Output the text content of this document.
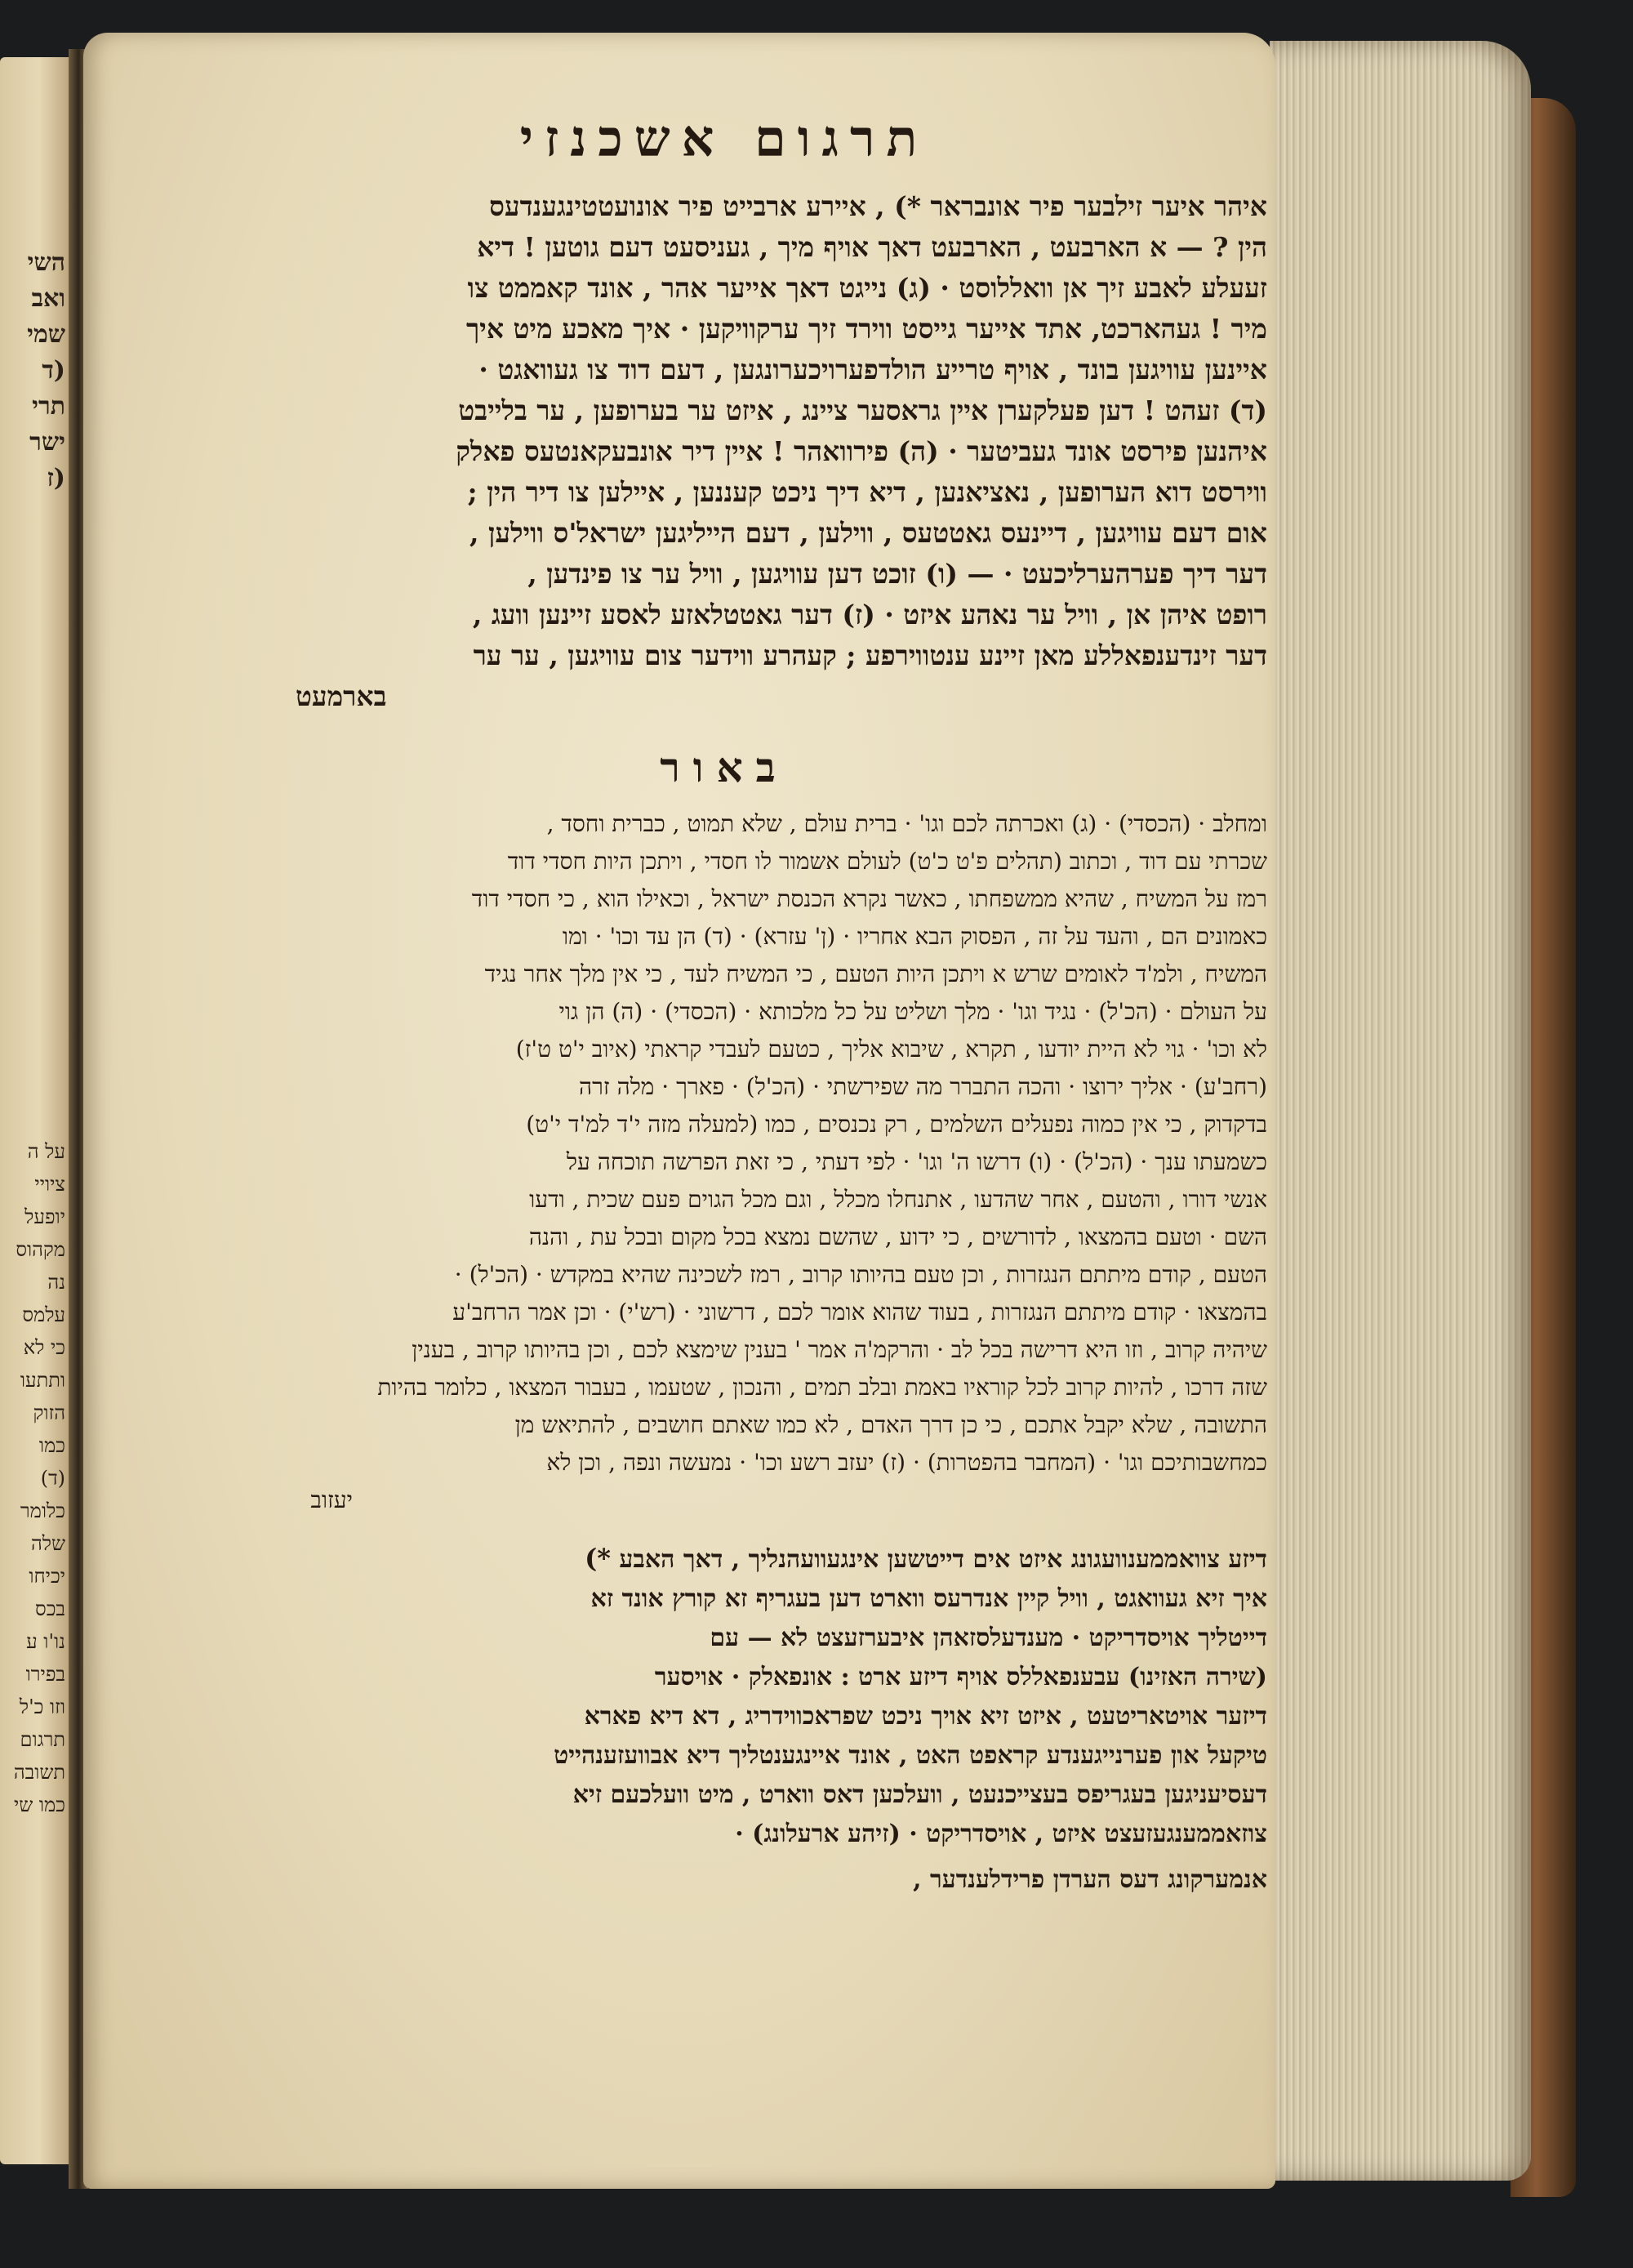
השי
ואב
שמי
(ד
תרי
ישר
(ז
על ה
ציויי
יופעל
מקהוס
נה
עלמס
כי לא
ותתעו
הזוק
כמו
(ד)
כלומר
שלה
יכיחו
בכס
נו'ו ע
בפירו
וזו כ'ל
תרגום
תשובה
כמו שי
תרגום אשכנזי
איהר איער זילבער פיר אונבראר *) , איירע ארבייט פיר אונועטטינגענדעס
הין ? — א הארבעט , הארבעט דאך אויף מיך , געניסעט דעם גוטען ! דיא
זעעלע לאבע זיך אן וואללוסט · (ג) נייגט דאך אייער אהר , אונד קאממט צו
מיר ! געהארכט, אתד אייער גייסט ווירד זיך ערקוויקען · איך מאכע מיט איך
איינען עוויגען בונד , אויף טרייע הולדפערויכערונגען , דעם דוד צו געוואגט ·
(ד) זעהט ! דען פעלקערן איין גראסער ציינג , איזט ער בערופען , ער בלייבט
איהנען פירסט אונד געביטער · (ה) פירוואהר ! איין דיר אונבעקאנטעס פאלק
ווירסט דוא הערופען , נאציאנען , דיא דיך ניכט קעננען , איילען צו דיר הין ;
אום דעם עוויגען , דיינעס גאטטעס , ווילען , דעם הייליגען ישראל'ס ווילען ,
דער דיך פערהערליכעט · — (ו) זוכט דען עוויגען , וויל ער צו פינדען ,
רופט איהן אן , וויל ער נאהע איזט · (ז) דער גאטטלאזע לאסע זיינען וועג ,
דער זינדענפאללע מאן זיינע ענטווירפע ; קעהרע ווידער צום עוויגען , ער ער
בארמעט
באור
ומחלב · (הכסדי) · (ג) ואכרתה לכם וגו' · ברית עולם , שלא תמוט , כברית וחסד ,
שכרתי עם דוד , וכתוב (תהלים פ'ט כ'ט) לעולם אשמור לו חסדי , ויתכן היות חסדי דוד
רמז על המשיח , שהיא ממשפחתו , כאשר נקרא הכנסת ישראל , וכאילו הוא , כי חסדי דוד
כאמונים הם , והעד על זה , הפסוק הבא אחריו · (ן' עזרא) · (ד) הן עד וכו' · ומו
המשיח , ולמ'ד לאומים שרש א ויתכן היות הטעם , כי המשיח לעד , כי אין מלך אחר נגיד
על העולם · (הכ'ל) · נגיד וגו' · מלך ושליט על כל מלכותא · (הכסדי) · (ה) הן גוי
לא וכו' · גוי לא היית יודעו , תקרא , שיבוא אליך , כטעם לעבדי קראתי (איוב י'ט ט'ז)
(רחב'ע) · אליך ירוצו · והכה התברר מה שפירשתי · (הכ'ל) · פארך · מלה זרה
בדקדוק , כי אין כמוה נפעלים השלמים , רק נכנסים , כמו (למעלה מזה י'ד למ'ד י'ט)
כשמעתו ענך · (הכ'ל) · (ו) דרשו ה' וגו' · לפי דעתי , כי זאת הפרשה תוכחה על
אנשי דורו , והטעם , אחר שהדעו , אתנחלו מכלל , וגם מכל הגוים פעם שכית , ודעו
השם · וטעם בהמצאו , לדורשים , כי ידוע , שהשם נמצא בכל מקום ובכל עת , והנה
הטעם , קודם מיתתם הנגזרות , וכן טעם בהיותו קרוב , רמז לשכינה שהיא במקדש · (הכ'ל) ·
בהמצאו · קודם מיתתם הנגזרות , בעוד שהוא אומר לכם , דרשוני · (רש'י) · וכן אמר הרחב'ע
שיהיה קרוב , וזו היא דרישה בכל לב · והרקמ'ה אמר ' בענין שימצא לכם , וכן בהיותו קרוב , בענין
שזה דרכו , להיות קרוב לכל קוראיו באמת ובלב תמים , והנכון , שטעמו , בעבור המצאו , כלומר בהיות
התשובה , שלא יקבל אתכם , כי כן דרך האדם , לא כמו שאתם חושבים , להתיאש מן
כמחשבותיכם וגו' · (המחבר בהפטרות) · (ז) יעזב רשע וכו' · נמעשה ונפה , וכן לא
יעזוב
דיזע צוואממענוועגונג איזט אים דייטשען אינגעוועהנליך , דאך האבע *)
איך זיא געוואגט , וויל קיין אנדרעס ווארט דען בעגריף זא קורץ אונד זא
דייטליך אויסדריקט · מענדעלסזאהן איבערזעצט לא — עם
(שירה האזינו) עבענפאללס אויף דיזע ארט : אונפאלק · אויסער
דיזער אויטאריטעט , איזט זיא אויך ניכט שפראכווידריג , דא דיא פארא
טיקעל און פערנייגענדע קראפט האט , אונד איינגענטליך דיא אבוועזענהייט
דעסיעניגען בעגריפס בעצייכנעט , וועלכען דאס ווארט , מיט וועלכעם זיא
צוזאממענגעזעצט איזט , אויסדריקט · (זיהע ארעלונג) ·
אנמערקונג דעס הערדן פרידלענדער ,
